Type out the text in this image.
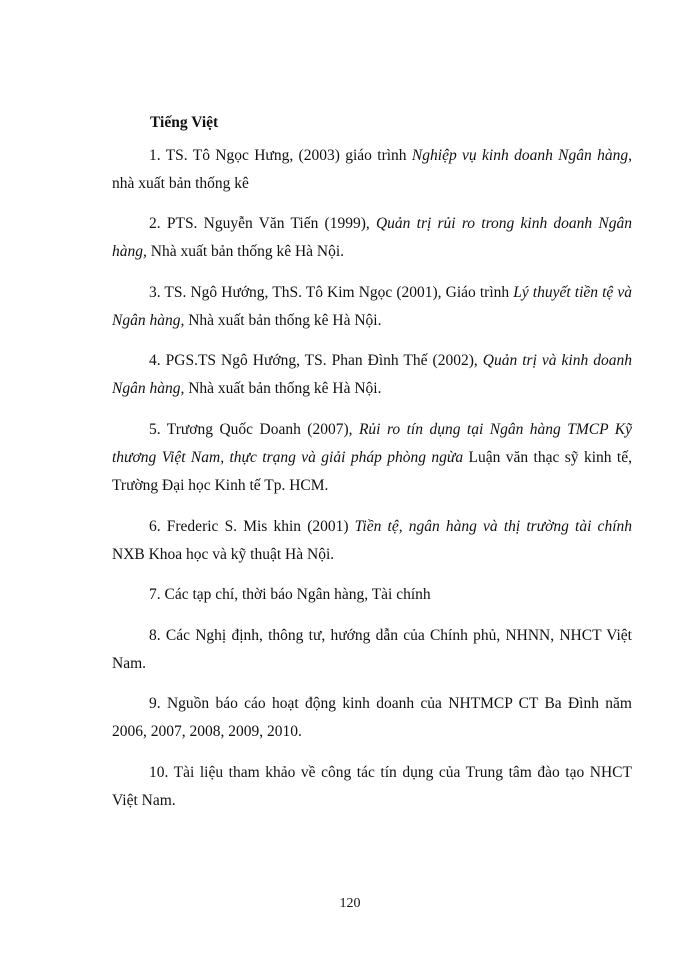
Tiếng Việt

1. TS. Tô Ngọc Hưng, (2003) giáo trình Nghiệp vụ kinh doanh Ngân hàng, nhà xuất bản thống kê

2. PTS. Nguyễn Văn Tiến (1999), Quản trị rủi ro trong kinh doanh Ngân hàng, Nhà xuất bản thống kê Hà Nội.

3. TS. Ngô Hướng, ThS. Tô Kim Ngọc (2001), Giáo trình Lý thuyết tiền tệ và Ngân hàng, Nhà xuất bản thống kê Hà Nội.

4. PGS.TS Ngô Hướng, TS. Phan Đình Thế (2002), Quản trị và kinh doanh Ngân hàng, Nhà xuất bản thống kê Hà Nội.

5. Trương Quốc Doanh (2007), Rủi ro tín dụng tại Ngân hàng TMCP Kỹ thương Việt Nam, thực trạng và giải pháp phòng ngừa Luận văn thạc sỹ kinh tế, Trường Đại học Kinh tế Tp. HCM.

6. Frederic S. Mis khin (2001) Tiền tệ, ngân hàng và thị trường tài chính NXB Khoa học và kỹ thuật Hà Nội.

7. Các tạp chí, thời báo Ngân hàng, Tài chính

8. Các Nghị định, thông tư, hướng dẫn của Chính phủ, NHNN, NHCT Việt Nam.

9. Nguồn báo cáo hoạt động kinh doanh của NHTMCP CT Ba Đình năm 2006, 2007, 2008, 2009, 2010.

10. Tài liệu tham khảo về công tác tín dụng của Trung tâm đào tạo NHCT Việt Nam.

120
